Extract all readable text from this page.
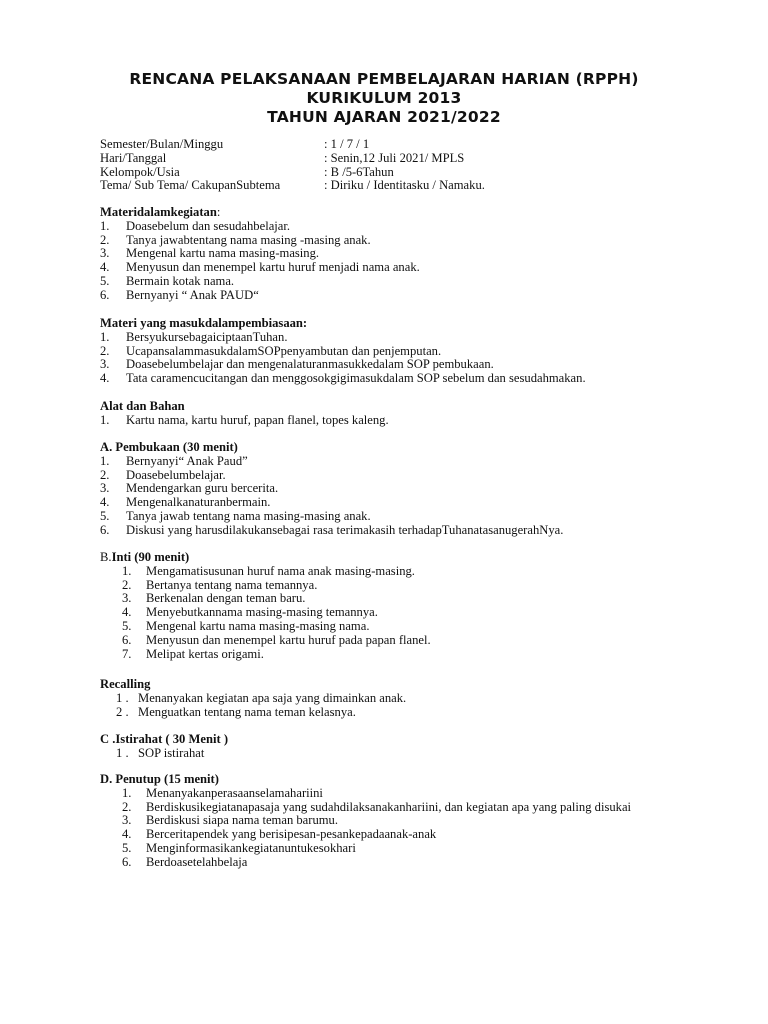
RENCANA PELAKSANAAN PEMBELAJARAN HARIAN (RPPH)
KURIKULUM 2013
TAHUN AJARAN 2021/2022
Semester/Bulan/Minggu	: 1 / 7 / 1
Hari/Tanggal	: Senin,12 Juli 2021/ MPLS
Kelompok/Usia	: B /5-6Tahun
Tema/ Sub Tema/ CakupanSubtema	: Diriku / Identitasku / Namaku.
Materidalamkegiatan:
1. Doasebelum dan sesudahbelajar.
2. Tanya jawabtentang nama masing -masing anak.
3. Mengenal kartu nama masing-masing.
4. Menyusun dan menempel kartu huruf menjadi nama anak.
5. Bermain kotak nama.
6. Bernyanyi “ Anak PAUD“
Materi yang masukdalampembiasaan:
1. BersyukursebagaiciptaanTuhan.
2. UcapansalammasukdalamSOPpenyambutan dan penjemputan.
3. Doasebelumbelajar dan mengenalaturanmasukkedalam SOP pembukaan.
4. Tata caramencucitangan dan menggosokgigimasukdalam SOP sebelum dan sesudahmakan.
Alat dan Bahan
1. Kartu nama, kartu huruf, papan flanel, topes kaleng.
A. Pembukaan (30 menit)
1. Bernyanyi“ Anak Paud”
2. Doasebelumbelajar.
3. Mendengarkan guru bercerita.
4. Mengenalkanaturanbermain.
5. Tanya jawab tentang nama masing-masing anak.
6. Diskusi yang harusdilakukansebagai rasa terimakasih terhadapTuhanatasanugerahNya.
B.Inti (90 menit)
1. Mengamatisusunan huruf nama anak masing-masing.
2. Bertanya tentang nama temannya.
3. Berkenalan dengan teman baru.
4. Menyebutkannama masing-masing temannya.
5. Mengenal kartu nama masing-masing nama.
6. Menyusun dan menempel kartu huruf pada papan flanel.
7. Melipat kertas origami.
Recalling
1 . Menanyakan kegiatan apa saja yang dimainkan anak.
2 . Menguatkan tentang nama teman kelasnya.
C .Istirahat ( 30 Menit )
1 . SOP istirahat
D. Penutup (15 menit)
1. Menanyakanperasaanselamahariini
2. Berdiskusikegiatanapasaja yang sudahdilaksanakanhariini, dan kegiatan apa yang paling disukai
3. Berdiskusi siapa nama teman barumu.
4. Berceritapendek yang berisipesan-pesankepadaanak-anak
5. Menginformasikankegiatanuntukesokhari
6. Berdoasetelahbelaja
